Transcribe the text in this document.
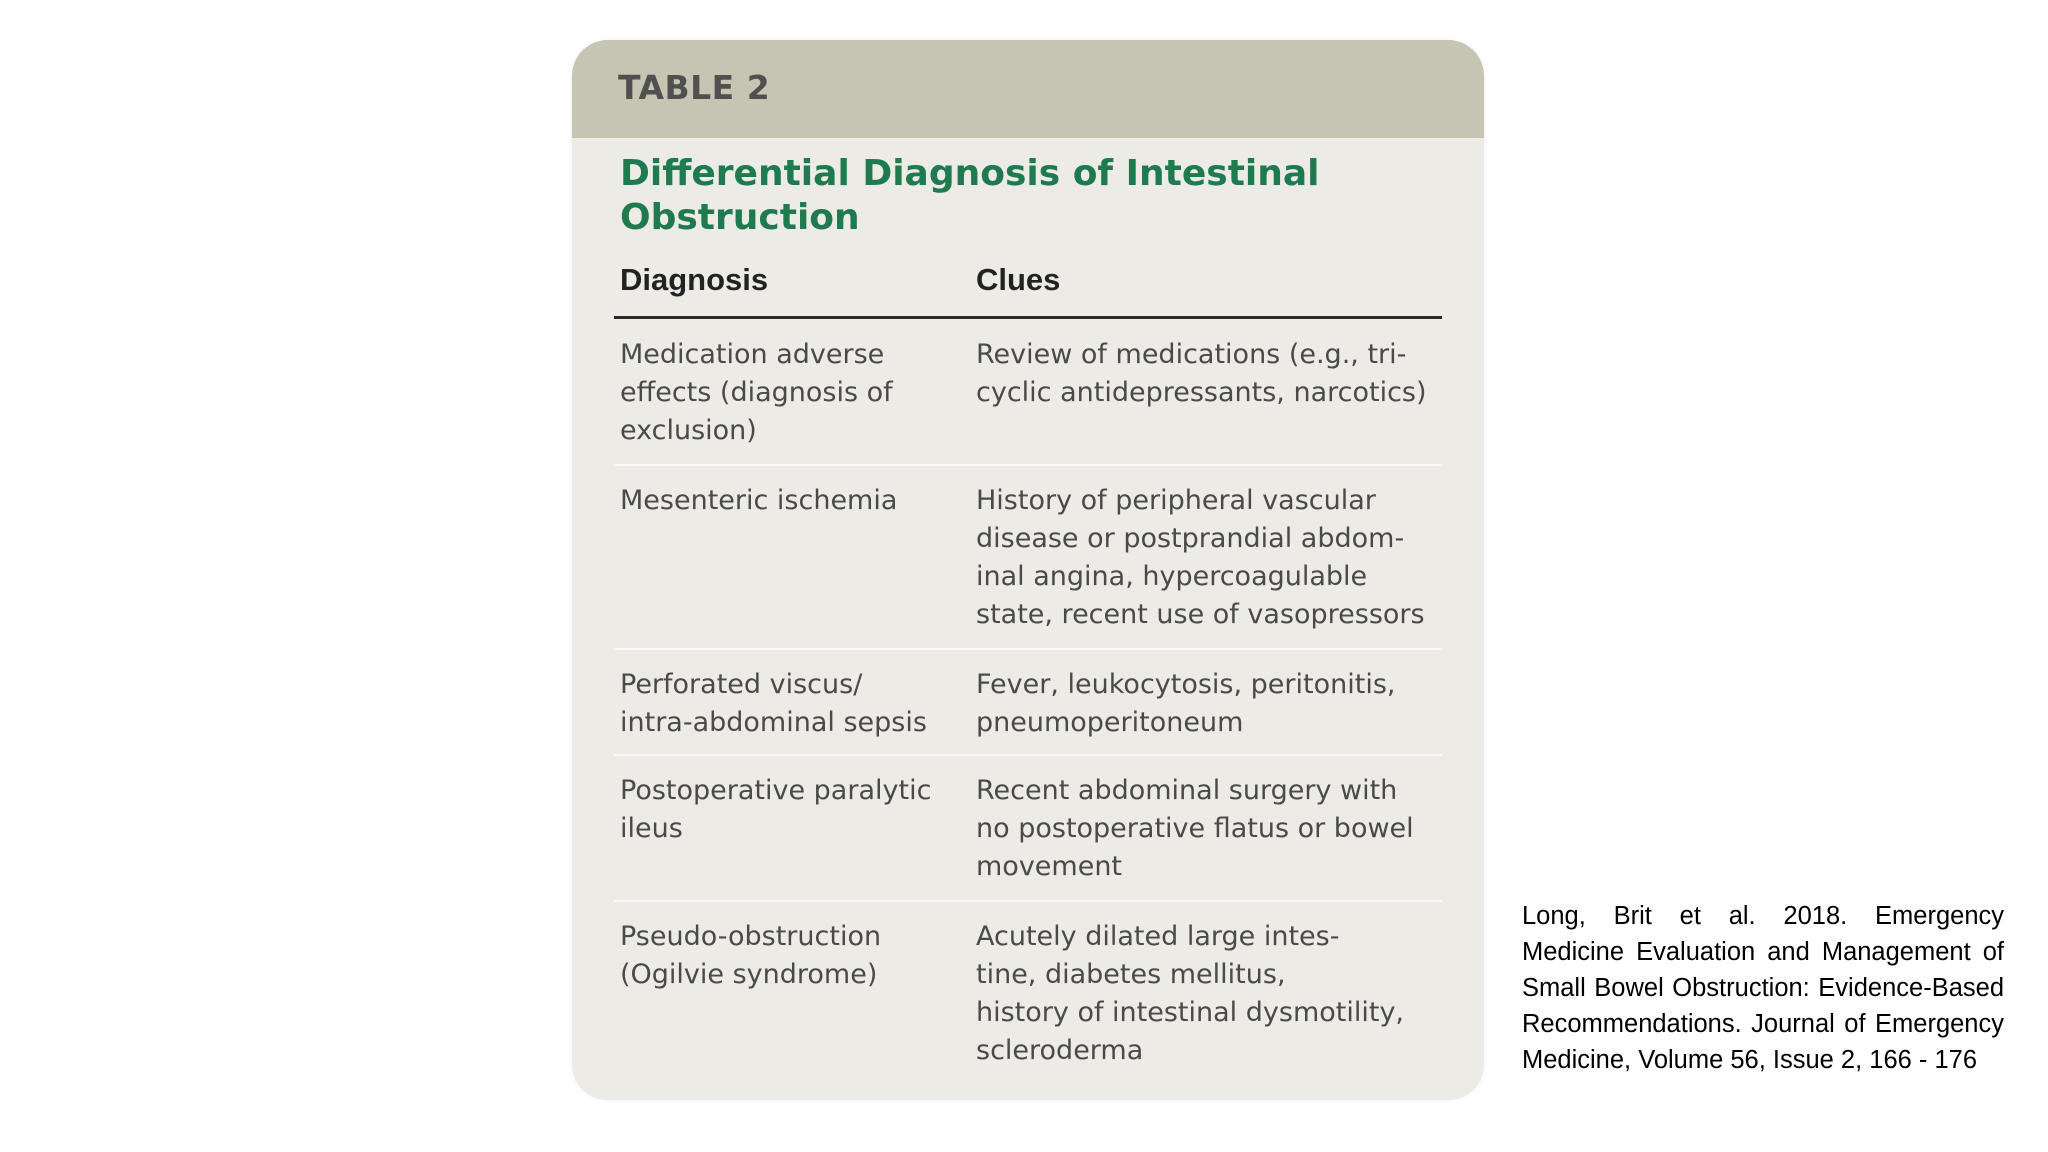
TABLE 2
Differential Diagnosis of Intestinal
Obstruction
Diagnosis	Clues
Medication adverse
effects (diagnosis of
exclusion)
Review of medications (e.g., tri-
cyclic antidepressants, narcotics)
Mesenteric ischemia	History of peripheral vascular
disease or postprandial abdom-
inal angina, hypercoagulable
state, recent use of vasopressors
Perforated viscus/
intra-abdominal sepsis
Fever, leukocytosis, peritonitis,
pneumoperitoneum
Postoperative paralytic
ileus
Recent abdominal surgery with
no postoperative flatus or bowel
movement
Pseudo-obstruction
(Ogilvie syndrome)
Acutely dilated large intes-
tine, diabetes mellitus,
history of intestinal dysmotility,
scleroderma
Long, Brit et al. 2018. Emergency Medicine Evaluation and Management of Small Bowel Obstruction: Evidence-Based Recommendations. Journal of Emergency Medicine, Volume 56, Issue 2, 166 - 176
